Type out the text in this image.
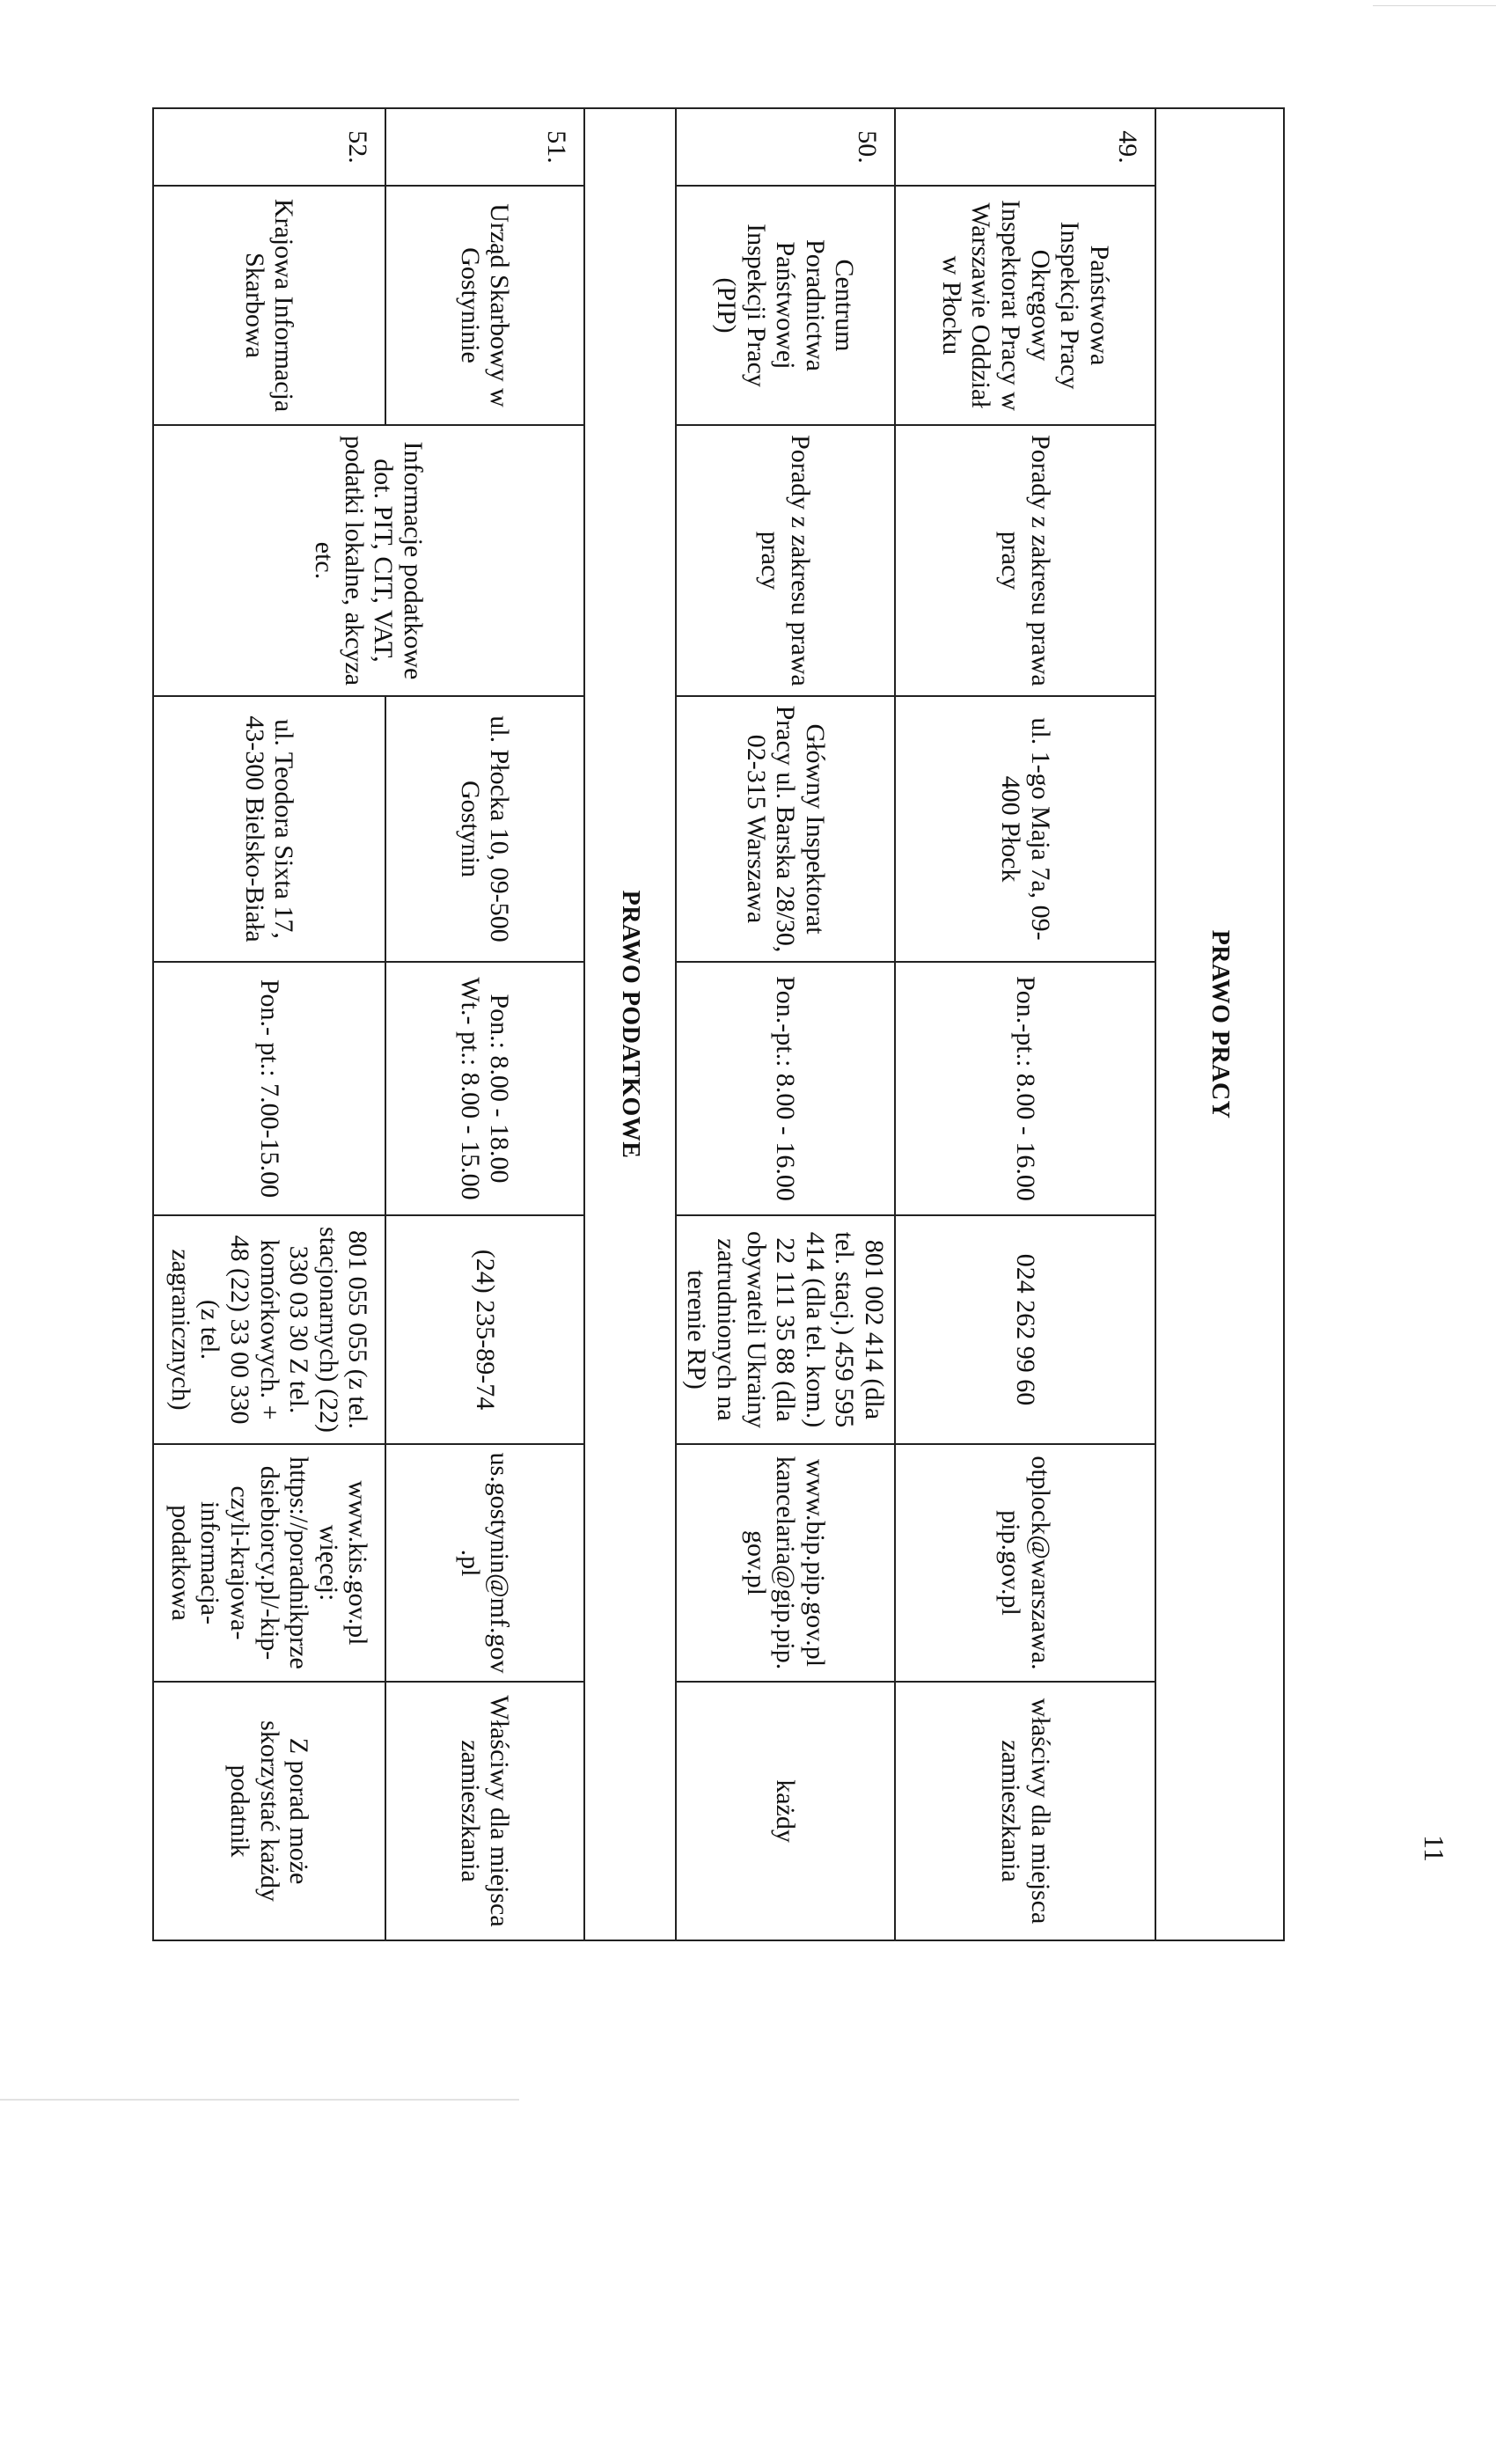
PRAWO PRACY							
49.	Państwowa Inspekcja Pracy Okręgowy Inspektorat Pracy w Warszawie Oddział w Płocku	Porady z zakresu prawa pracy	ul. 1-go Maja 7a, 09-400 Płock	Pon.-pt.: 8.00 - 16.00	024 262 99 60	otplock@warszawa.pip.gov.pl	właściwy dla miejsca zamieszkania
50.	Centrum Poradnictwa Państwowej Inspekcji Pracy (PIP)	Porady z zakresu prawa pracy	Główny Inspektorat Pracy ul. Barska 28/30, 02-315 Warszawa	Pon.-pt.: 8.00 - 16.00	801 002 414 (dla tel. stacj.) 459 595 414 (dla tel. kom.) 22 111 35 88 (dla obywateli Ukrainy zatrudnionych na terenie RP)	www.bip.pip.gov.pl kancelaria@gip.pip.gov.pl	każdy
PRAWO PODATKOWE							
51.	Urząd Skarbowy w Gostyninie	Informacje podatkowe dot. PIT, CIT, VAT, podatki lokalne, akcyza etc.	ul. Płocka 10, 09-500 Gostynin	Pon.: 8.00 - 18.00 Wt.- pt.: 8.00 - 15.00	(24) 235-89-74	us.gostynin@mf.gov.pl	Właściwy dla miejsca zamieszkania
52.	Krajowa Informacja Skarbowa		ul. Teodora Sixta 17, 43-300 Bielsko-Biała	Pon.- pt.: 7.00-15.00	801 055 055 (z tel. stacjonarnych) (22) 330 03 30 Z tel. komórkowych. + 48 (22) 33 00 330 (z tel. zagranicznych)	www.kis.gov.pl więcej: https://poradnikprzedsiebiorcy.pl/-kip-czyli-krajowa-informacja-podatkowa	Z porad może skorzystać każdy podatnik	11
